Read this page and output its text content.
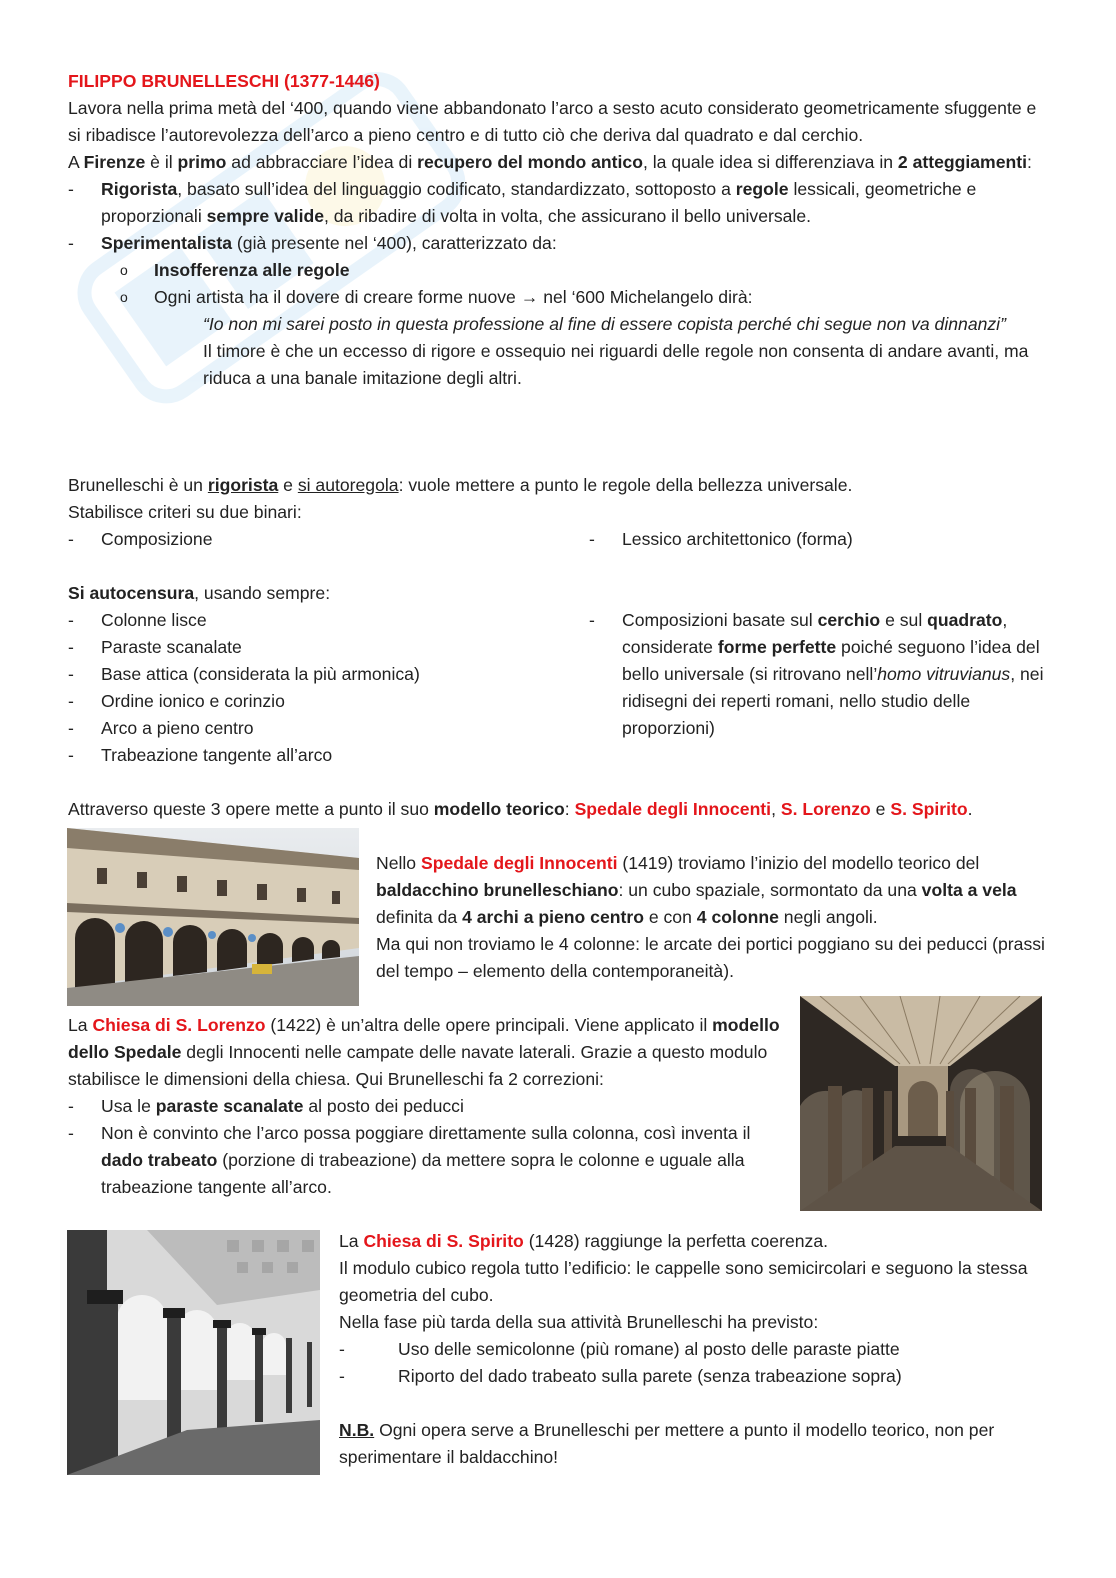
FILIPPO BRUNELLESCHI (1377-1446)

Lavora nella prima metà del ‘400, quando viene abbandonato l’arco a sesto acuto considerato geometricamente sfuggente e si ribadisce l’autorevolezza dell’arco a pieno centro e di tutto ciò che deriva dal quadrato e dal cerchio.

A Firenze è il primo ad abbracciare l’idea di recupero del mondo antico, la quale idea si differenziava in 2 atteggiamenti:

- Rigorista, basato sull’idea del linguaggio codificato, standardizzato, sottoposto a regole lessicali, geometriche e proporzionali sempre valide, da ribadire di volta in volta, che assicurano il bello universale.
- Sperimentalista (già presente nel ‘400), caratterizzato da:
o Insofferenza alle regole
o Ogni artista ha il dovere di creare forme nuove → nel ‘600 Michelangelo dirà:

“Io non mi sarei posto in questa professione al fine di essere copista perché chi segue non va dinnanzi”

Il timore è che un eccesso di rigore e ossequio nei riguardi delle regole non consenta di andare avanti, ma riduca a una banale imitazione degli altri.

Brunelleschi è un rigorista e si autoregola: vuole mettere a punto le regole della bellezza universale.

Stabilisce criteri su due binari:

- Composizione	- Lessico architettonico (forma)

Si autocensura, usando sempre:

- Colonne lisce
- Paraste scanalate
- Base attica (considerata la più armonica)
- Ordine ionico e corinzio
- Arco a pieno centro
- Trabeazione tangente all’arco
- Composizioni basate sul cerchio e sul quadrato, considerate forme perfette poiché seguono l’idea del bello universale (si ritrovano nell’homo vitruvianus, nei ridisegni dei reperti romani, nello studio delle proporzioni)

Attraverso queste 3 opere mette a punto il suo modello teorico: Spedale degli Innocenti, S. Lorenzo e S. Spirito.

Nello Spedale degli Innocenti (1419) troviamo l’inizio del modello teorico del baldacchino brunelleschiano: un cubo spaziale, sormontato da una volta a vela definita da 4 archi a pieno centro e con 4 colonne negli angoli.

Ma qui non troviamo le 4 colonne: le arcate dei portici poggiano su dei peducci (prassi del tempo – elemento della contemporaneità).

La Chiesa di S. Lorenzo (1422) è un’altra delle opere principali. Viene applicato il modello dello Spedale degli Innocenti nelle campate delle navate laterali. Grazie a questo modulo stabilisce le dimensioni della chiesa. Qui Brunelleschi fa 2 correzioni:

- Usa le paraste scanalate al posto dei peducci
- Non è convinto che l’arco possa poggiare direttamente sulla colonna, così inventa il dado trabeato (porzione di trabeazione) da mettere sopra le colonne e uguale alla trabeazione tangente all’arco.

La Chiesa di S. Spirito (1428) raggiunge la perfetta coerenza.

Il modulo cubico regola tutto l’edificio: le cappelle sono semicircolari e seguono la stessa geometria del cubo.

Nella fase più tarda della sua attività Brunelleschi ha previsto:

-	Uso delle semicolonne (più romane) al posto delle paraste piatte
-	Riporto del dado trabeato sulla parete (senza trabeazione sopra)

N.B. Ogni opera serve a Brunelleschi per mettere a punto il modello teorico, non per sperimentare il baldacchino!
